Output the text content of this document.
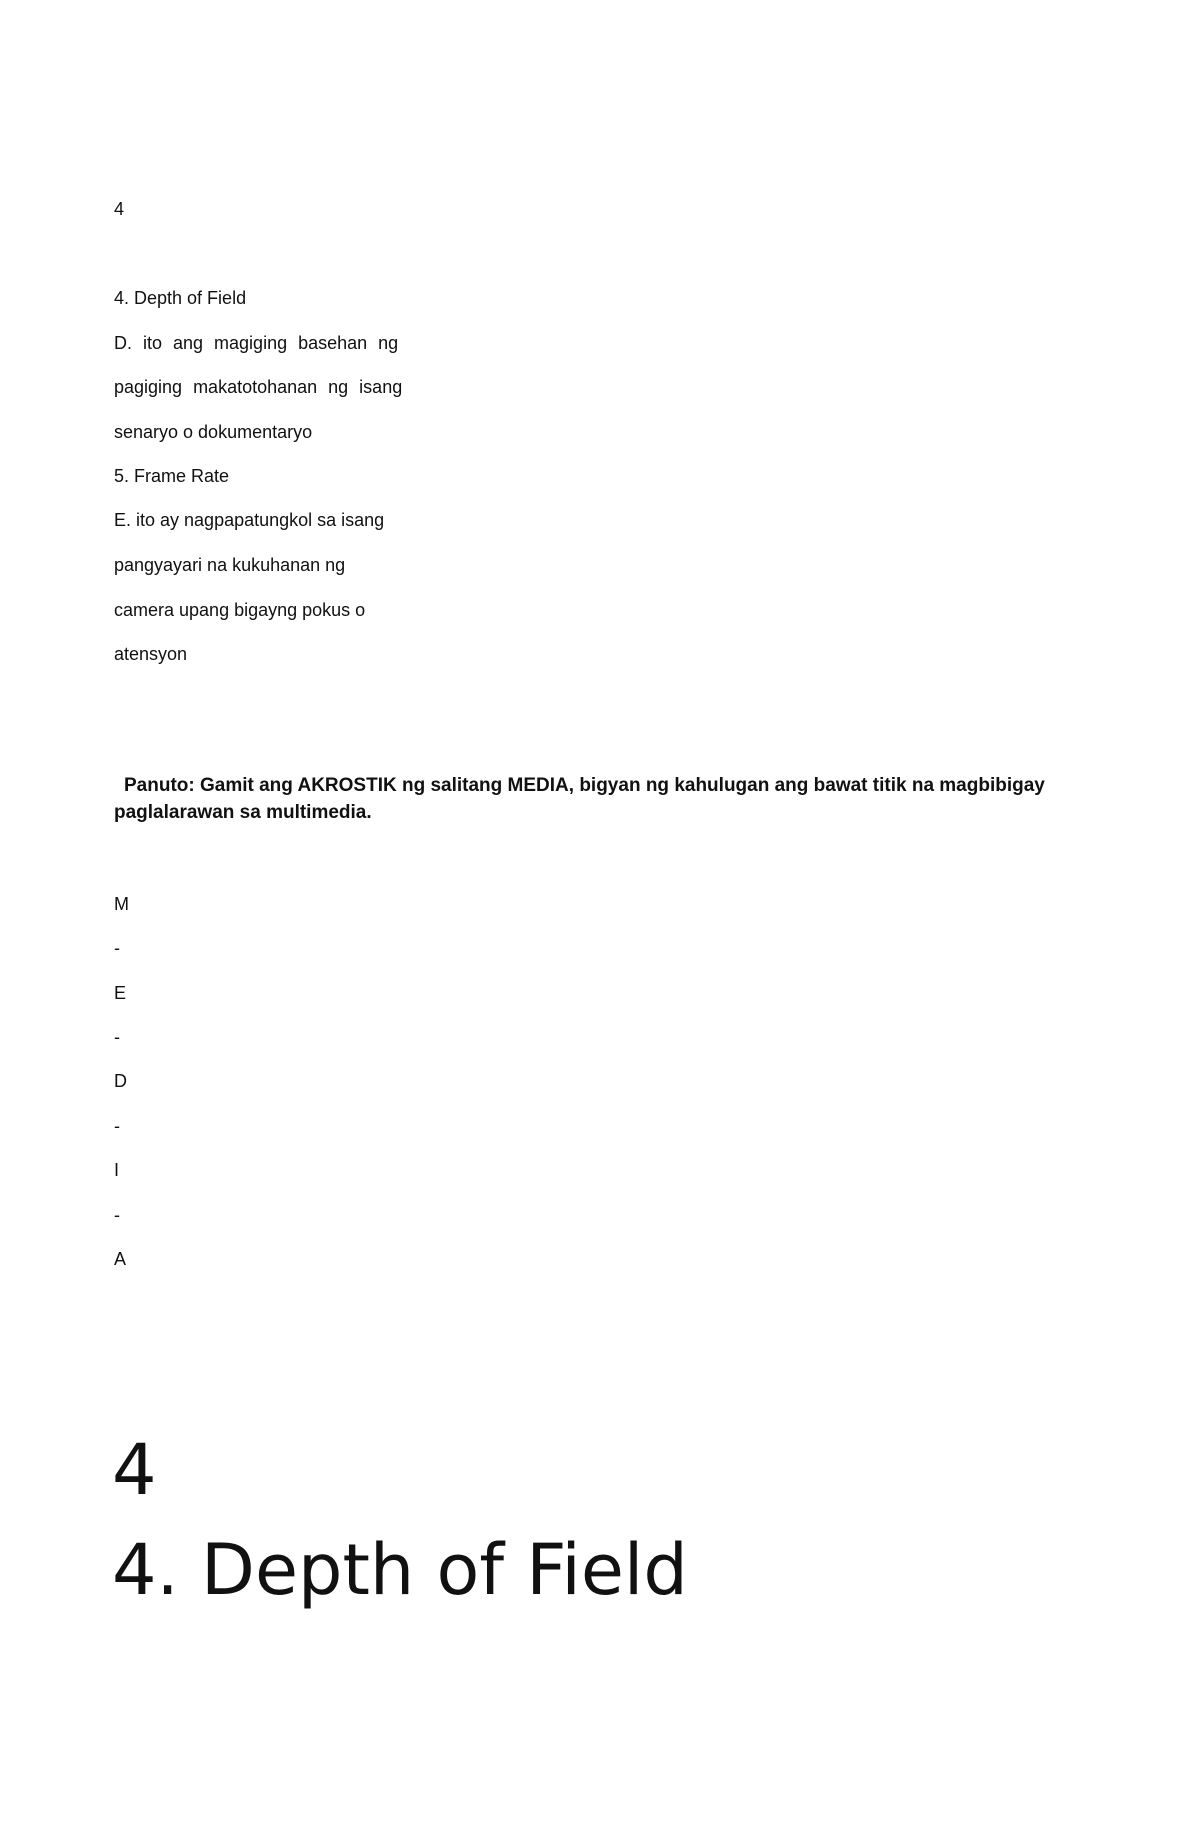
4
4. Depth of Field
D. ito ang magiging basehan ng
pagiging makatotohanan ng isang
senaryo o dokumentaryo
5. Frame Rate
E. ito ay nagpapatungkol sa isang
pangyayari na kukuhanan ng
camera upang bigayng pokus o
atensyon
Panuto: Gamit ang AKROSTIK ng salitang MEDIA, bigyan ng kahulugan ang bawat titik na magbibigay
paglalarawan sa multimedia.
M
-
E
-
D
-
I
-
A
4
4. Depth of Field
